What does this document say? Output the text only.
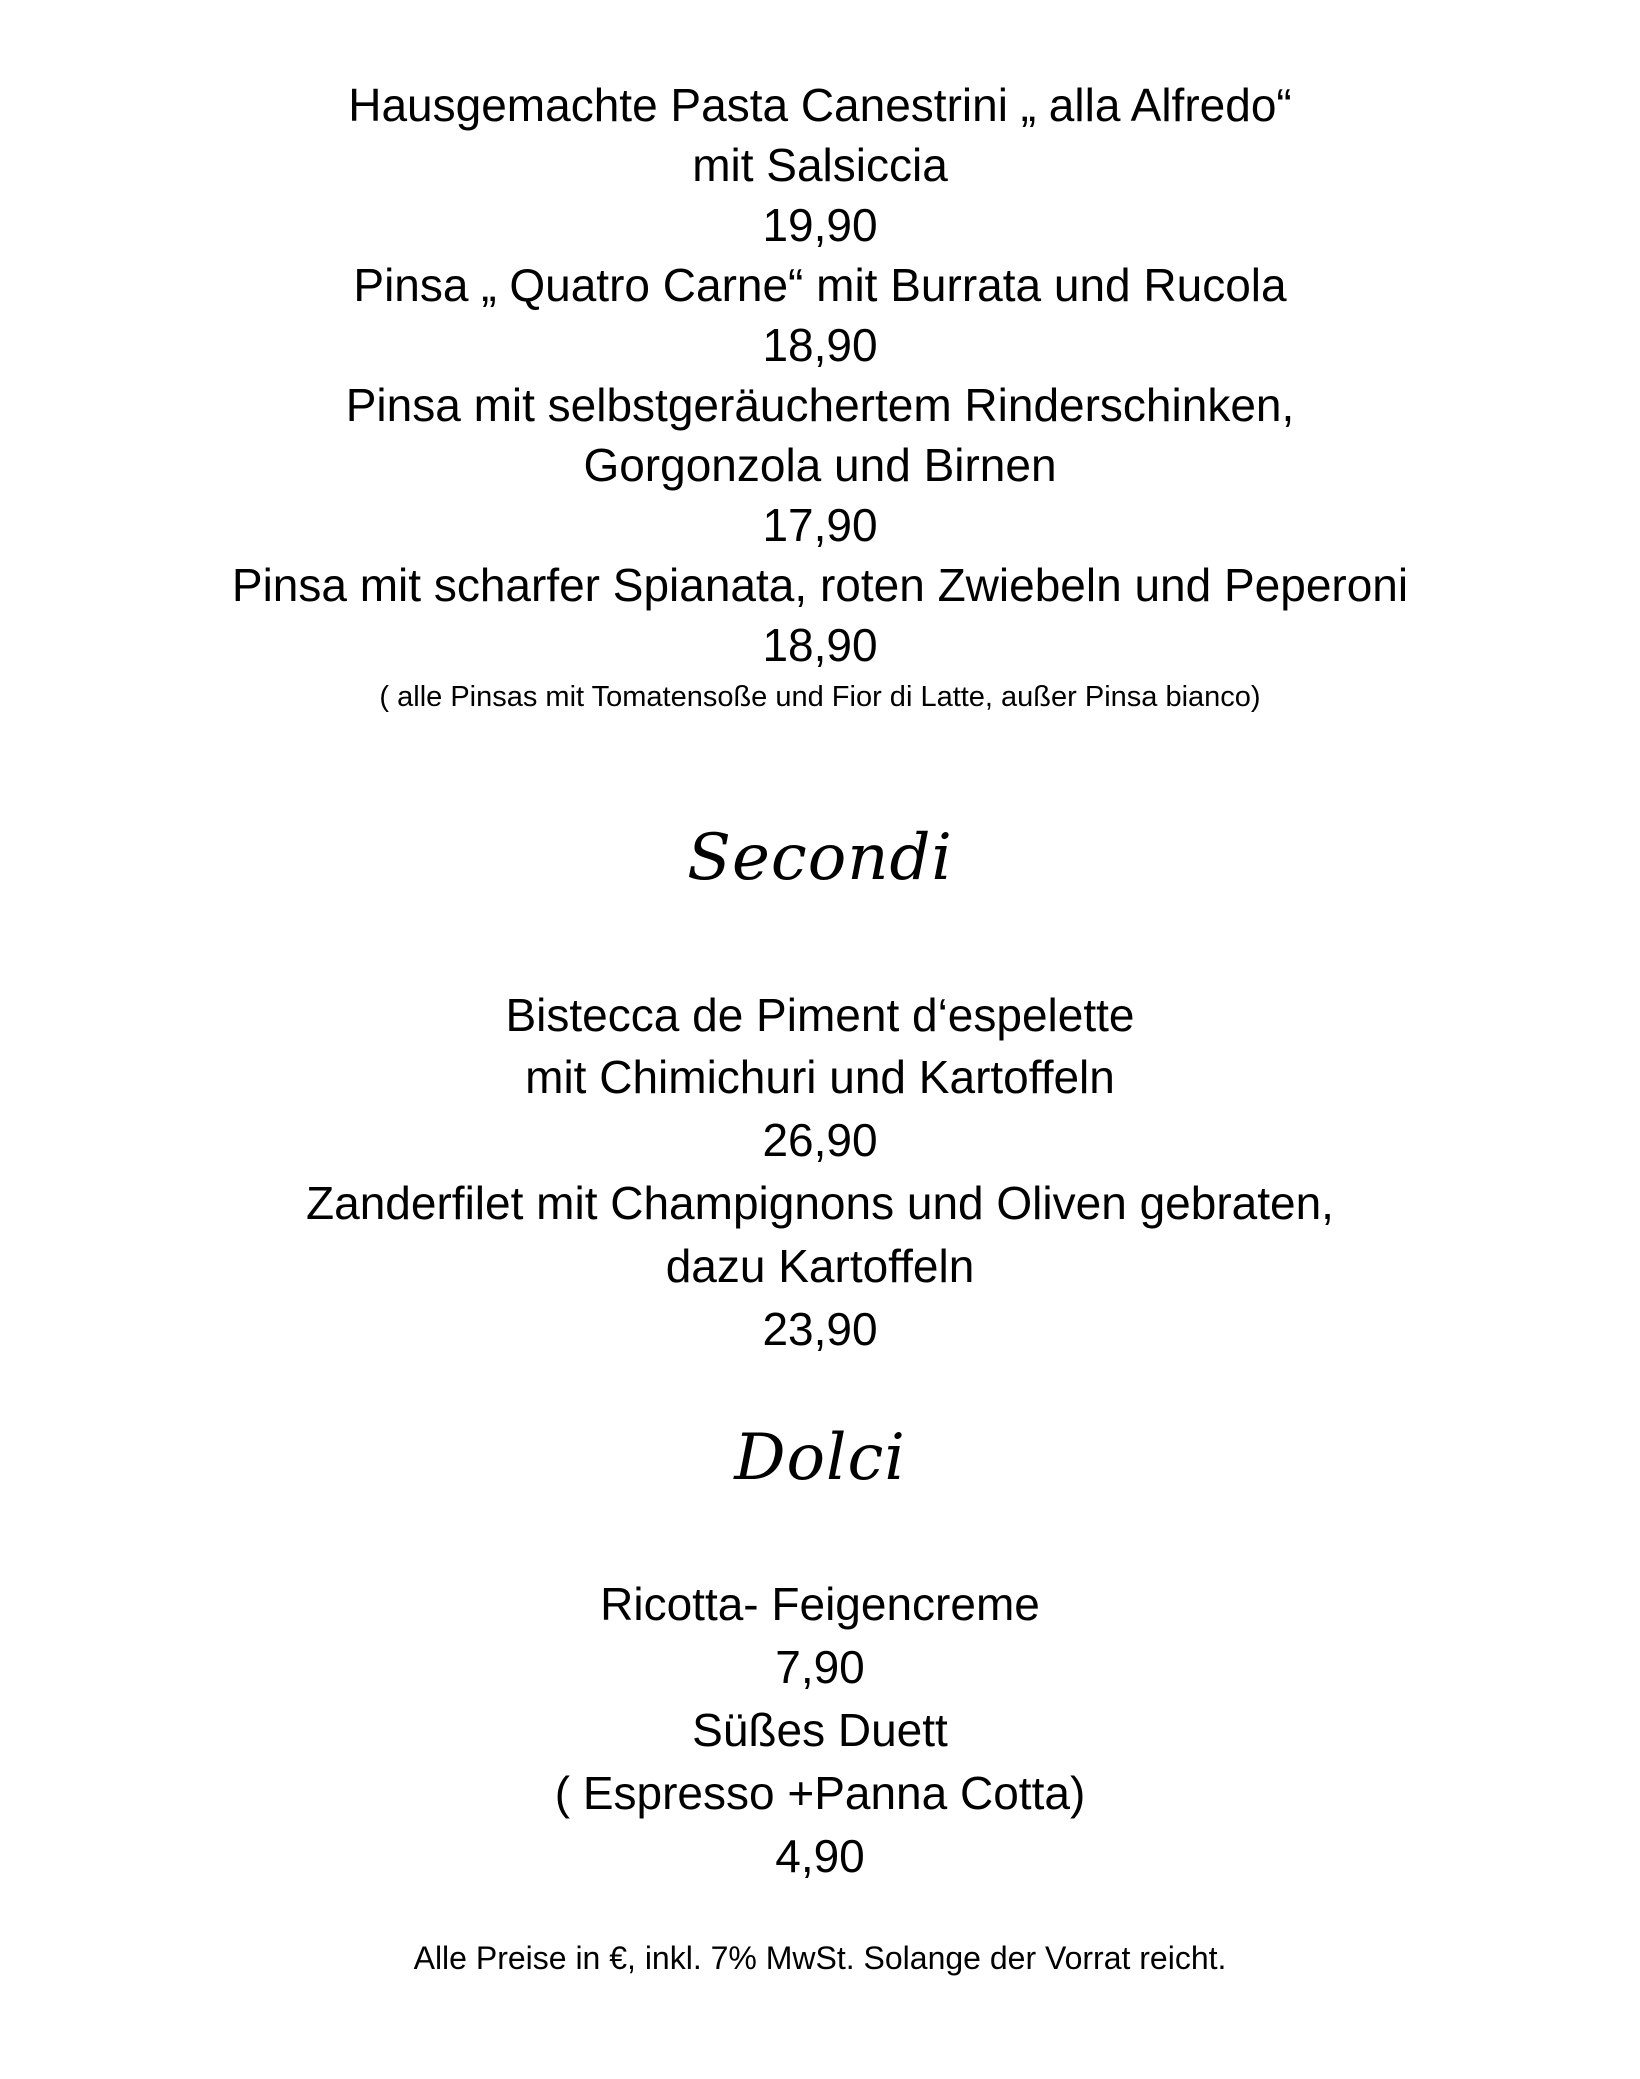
Hausgemachte Pasta Canestrini „ alla Alfredo“
mit Salsiccia
19,90
Pinsa „ Quatro Carne“ mit Burrata und Rucola
18,90
Pinsa mit selbstgeräuchertem Rinderschinken,
Gorgonzola und Birnen
17,90
Pinsa mit scharfer Spianata, roten Zwiebeln und Peperoni
18,90
( alle Pinsas mit Tomatensoße und Fior di Latte, außer Pinsa bianco)
Secondi
Bistecca de Piment d‘espelette
mit Chimichuri und Kartoffeln
26,90
Zanderfilet mit Champignons und Oliven gebraten,
dazu Kartoffeln
23,90
Dolci
Ricotta- Feigencreme
7,90
Süßes Duett
( Espresso +Panna Cotta)
4,90
Alle Preise in €, inkl. 7% MwSt. Solange der Vorrat reicht.
